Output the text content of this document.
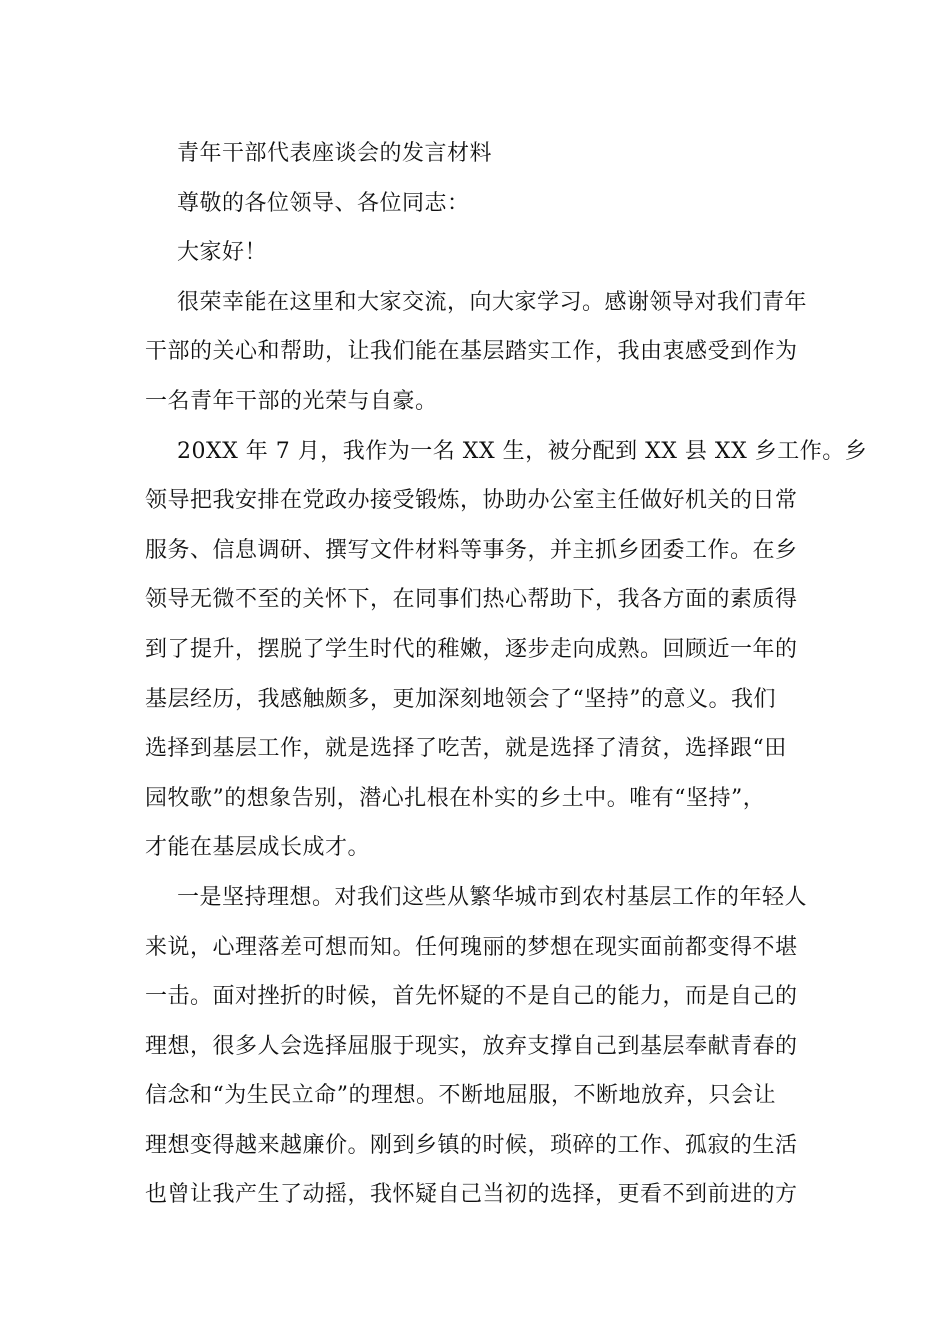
青年干部代表座谈会的发言材料
尊敬的各位领导、各位同志：
大家好！
很荣幸能在这里和大家交流，向大家学习。感谢领导对我们青年
干部的关心和帮助，让我们能在基层踏实工作，我由衷感受到作为
一名青年干部的光荣与自豪。
20XX 年 7 月，我作为一名 XX 生，被分配到 XX 县 XX 乡工作。乡
领导把我安排在党政办接受锻炼，协助办公室主任做好机关的日常
服务、信息调研、撰写文件材料等事务，并主抓乡团委工作。在乡
领导无微不至的关怀下，在同事们热心帮助下，我各方面的素质得
到了提升，摆脱了学生时代的稚嫩，逐步走向成熟。回顾近一年的
基层经历，我感触颇多，更加深刻地领会了“坚持”的意义。我们
选择到基层工作，就是选择了吃苦，就是选择了清贫，选择跟“田
园牧歌”的想象告别，潜心扎根在朴实的乡土中。唯有“坚持”，
才能在基层成长成才。
一是坚持理想。对我们这些从繁华城市到农村基层工作的年轻人
来说，心理落差可想而知。任何瑰丽的梦想在现实面前都变得不堪
一击。面对挫折的时候，首先怀疑的不是自己的能力，而是自己的
理想，很多人会选择屈服于现实，放弃支撑自己到基层奉献青春的
信念和“为生民立命”的理想。不断地屈服，不断地放弃，只会让
理想变得越来越廉价。刚到乡镇的时候，琐碎的工作、孤寂的生活
也曾让我产生了动摇，我怀疑自己当初的选择，更看不到前进的方
